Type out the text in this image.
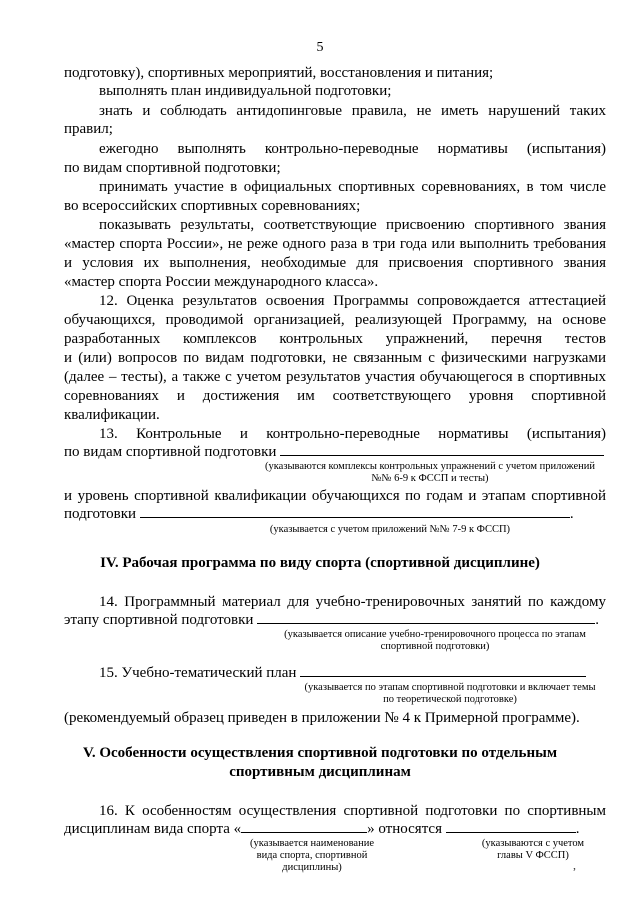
5
подготовку), спортивных мероприятий, восстановления и питания;
выполнять план индивидуальной подготовки;
знать и соблюдать антидопинговые правила, не иметь нарушений таких
правил;
ежегодно выполнять контрольно-переводные нормативы (испытания)
по видам спортивной подготовки;
принимать участие в официальных спортивных соревнованиях, в том числе
во всероссийских спортивных соревнованиях;
показывать результаты, соответствующие присвоению спортивного звания
«мастер спорта России», не реже одного раза в три года или выполнить требования
и условия их выполнения, необходимые для присвоения спортивного звания
«мастер спорта России международного класса».
12. Оценка результатов освоения Программы сопровождается аттестацией
обучающихся, проводимой организацией, реализующей Программу, на основе
разработанных комплексов контрольных упражнений, перечня тестов
и (или) вопросов по видам подготовки, не связанным с физическими нагрузками
(далее – тесты), а также с учетом результатов участия обучающегося в спортивных
соревнованиях и достижения им соответствующего уровня спортивной
квалификации.
13. Контрольные и контрольно-переводные нормативы (испытания)
по видам спортивной подготовки
(указываются комплексы контрольных упражнений с учетом приложений
№№ 6-9 к ФССП и тесты)
и уровень спортивной квалификации обучающихся по годам и этапам спортивной
подготовки	.
(указывается с учетом приложений №№ 7-9 к ФССП)
IV. Рабочая программа по виду спорта (спортивной дисциплине)
14. Программный материал для учебно-тренировочных занятий по каждому
этапу спортивной подготовки	.
(указывается описание учебно-тренировочного процесса по этапам
спортивной подготовки)
15. Учебно-тематический план
(указывается по этапам спортивной подготовки и включает темы
по теоретической подготовке)
(рекомендуемый образец приведен в приложении № 4 к Примерной программе).
V. Особенности осуществления спортивной подготовки по отдельным
спортивным дисциплинам
16. К особенностям осуществления спортивной подготовки по спортивным
дисциплинам вида спорта «	» относятся	.
(указывается наименование
вида спорта, спортивной
дисциплины)
(указываются с учетом
главы V ФССП)
,
